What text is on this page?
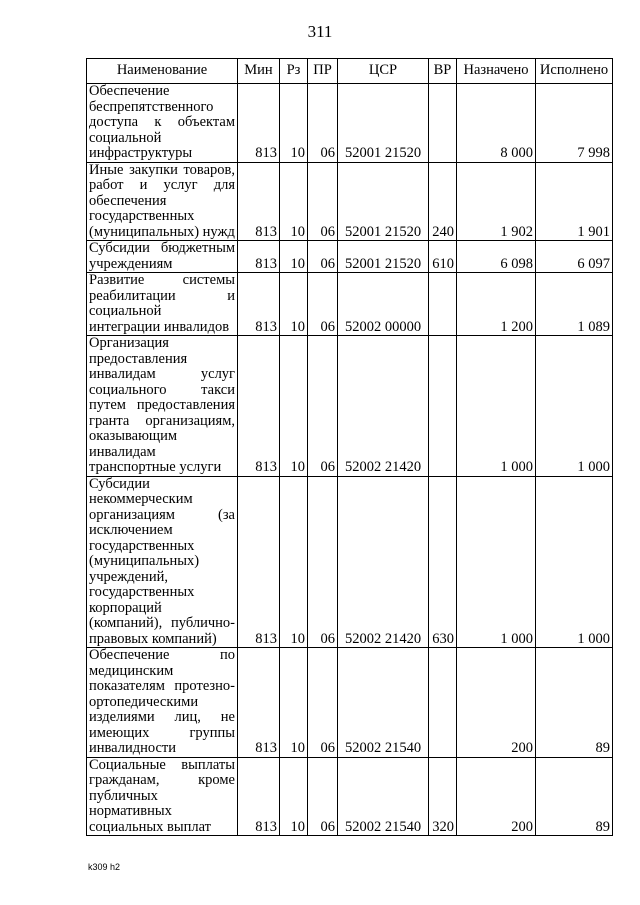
311
Наименование	Мин	Рз	ПР	ЦСР	ВР	Назначено	Исполнено
Обеспечение беспрепятственного доступа к объектам социальной инфраструктуры	813	10	06	52001 21520		8 000	7 998
Иные закупки товаров, работ и услуг для обеспечения государственных (муниципальных) нужд	813	10	06	52001 21520	240	1 902	1 901
Субсидии бюджетным учреждениям	813	10	06	52001 21520	610	6 098	6 097
Развитие системы реабилитации и социальной интеграции инвалидов	813	10	06	52002 00000		1 200	1 089
Организация предоставления инвалидам услуг социального такси путем предоставления гранта организациям, оказывающим инвалидам транспортные услуги	813	10	06	52002 21420		1 000	1 000
Субсидии некоммерческим организациям (за исключением государственных (муниципальных) учреждений, государственных корпораций (компаний), публично-правовых компаний)	813	10	06	52002 21420	630	1 000	1 000
Обеспечение по медицинским показателям протезно-ортопедическими изделиями лиц, не имеющих группы инвалидности	813	10	06	52002 21540		200	89
Социальные выплаты гражданам, кроме публичных нормативных социальных выплат	813	10	06	52002 21540	320	200	89
k309 h2
